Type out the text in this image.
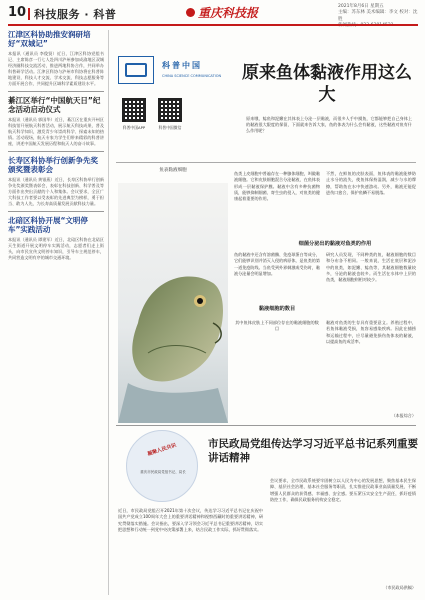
10 科技服务 · 科普	重庆科技报	2021年8月6日 星期五
主编：苏东林 美术编辑：李文 校对：沈胜
江津区科协助推安润研培好“双城记”
本报讯（通讯员 李俊贤）近日，江津区科协党组书记、主席陈彦一行七人赴四川泸州参加成渝地区双城经济圈科技交流活动，推进两地科协合作，共同举办科普研学活动。江津区科协与泸州市科协将在科普阵地建设、科技人才交流、学术交流、科技志愿服务等方面开展合作，共同提升区域科学素质建设水平。
綦江区举行“中国航天日”纪念活动启动仪式
本报讯（通讯员 郭国华）近日，綦江区在重庆开州区科技馆开展航天科普活动，展示航天科技成果，普及航天科学知识，激发青少年崇尚科学、探索未知的热情。活动现场，航天专家为学生们带来精彩的科普讲座，讲述中国航天发展历程和航天人的奋斗故事。
长寿区科协举行创新争先奖颁奖暨表彰会
本报讯（通讯员 黄银燕）近日，长寿区科协举行创新争先奖颁奖暨表彰会，表彰在科技创新、科学普及等方面作出突出贡献的个人和集体。会议要求，全区广大科技工作者要以受表彰的先进典型为榜样，勇于担当、敢为人先，为长寿高质量发展贡献科技力量。
北碚区科协开展“文明停车”实践活动
本报讯（通讯员 谭建军）近日，北碚区科协在北碚区天生街道开展文明停车实践活动，志愿者们走上街头，向市民宣传文明停车知识，引导车主规范停车，共同营造文明有序的城市交通环境。
科普中国
CHINA SCIENCE COMMUNICATION
科普中国APP	科普中国微信
原来鱼体黏液作用这么大
原来哦，鲶鱼和泥鳅在其体表上分泌一层黏液，而很多人手中摸鱼，它都能够把自己身体上的黏液很大限度的保留，下面就来告诉大家，鱼的体表为什么会有黏液，这些黏液对鱼有什么作用呢？
鱼表黏液细胞
鱼类上皮细胞中普遍存在一种腺体细胞，叫做黏液细胞。它和皮肤细胞混合分泌黏液，在鱼体表形成一层黏液保护膜。黏液中含有多种抗菌物质，能够抑制细菌、寄生虫的侵入，对鱼类的健康起着重要的作用。
不然，在鲜鱼的皮肤表面，鱼体表的黏液能够防止水分的流失，使鱼体保持湿润，减少与水的摩擦，帮助鱼在水中快速游动。另外，黏液还能促进伤口愈合，保护鱼鳞不易脱落。
细菌分泌出的黏液对鱼类的作用
鱼的黏液中还含有溶菌酶、免疫球蛋白等成分，它们能够识别并消灭入侵的病原体，是鱼类的第一道免疫防线。当鱼受到外界刺激或受伤时，黏液分泌量会明显增加。
研究人员发现，不同种类的鱼，黏液细胞的数目和分布各不相同。一般来说，生活在底层和泥沙中的鱼类，如泥鳅、鲶鱼等，其黏液细胞数量较多，分泌的黏液也较多。而生活在水体中上层的鱼类，黏液细胞则相对较少。
黏液细胞的数目
其中鱼体皮肤上不同部位存在的黏液细胞的数目
黏液对鱼类的生存具有重要意义。养殖过程中，若鱼体黏液受损，鱼容易感染疾病。因此在捕捞和运输过程中，应尽量避免损伤鱼体表的黏液，以提高鱼的成活率。
（本报综合）
凝聚人民共识
重庆市民政局党组书记、局长
市民政局党组传达学习习近平总书记系列重要讲话精神
近日，市民政局党组召开2021年第十次会议，传达学习习近平总书记在庆祝中国共产党成立100周年大会上的重要讲话精神和视察西藏时的重要讲话精神，研究贯彻落实措施。会议指出，要深入学习领会习近平总书记重要讲话精神，切实把思想和行动统一到党中央决策部署上来，结合民政工作实际，抓好贯彻落实。
会议要求，全市民政系统要牢固树立以人民为中心的发展思想，聚焦基本民生保障、基层社会治理、基本社会服务等职责，扎实推进民政事业高质量发展，不断增强人民群众的获得感、幸福感、安全感。要压紧压实安全生产责任，抓好疫情防控工作，确保民政服务机构安全稳定。
（市民政局供稿）
